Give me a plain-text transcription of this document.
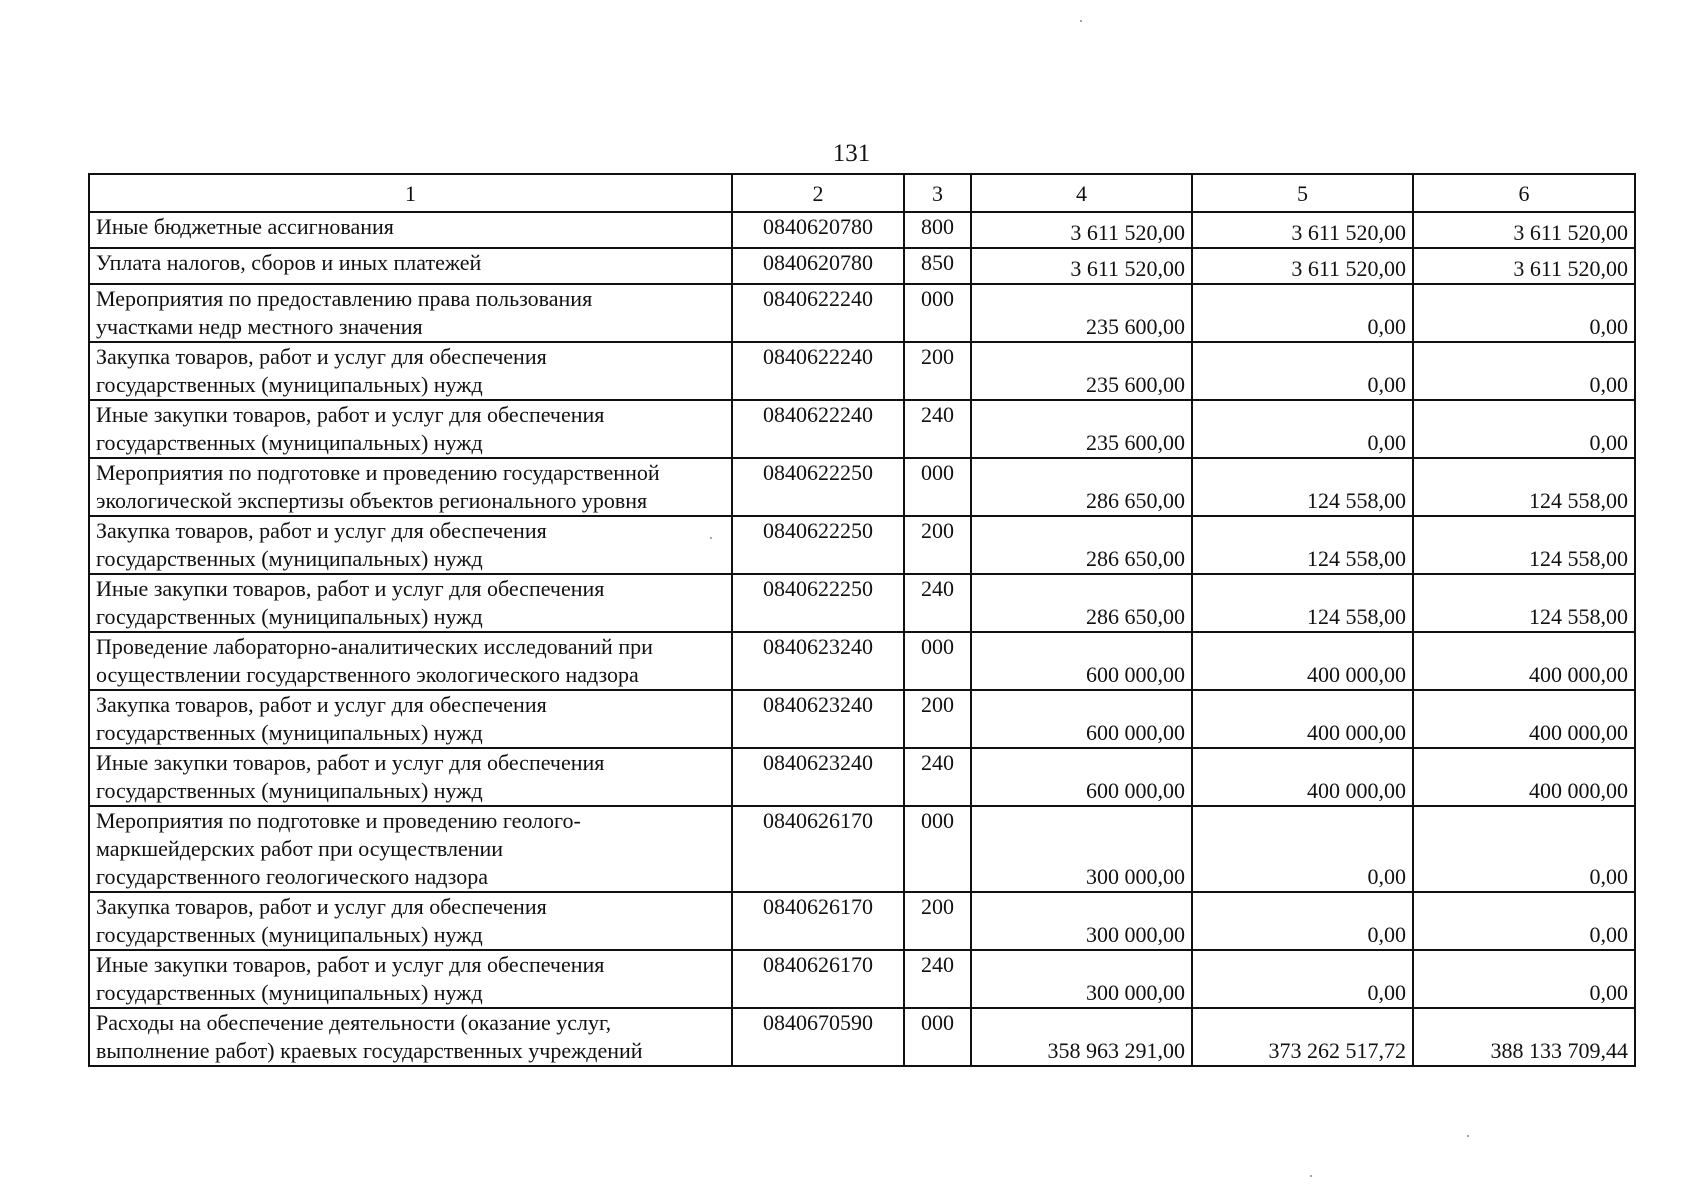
131
1	2	3	4	5	6

Иные бюджетные ассигнования	0840620780	800	3 611 520,00	3 611 520,00	3 611 520,00

Уплата налогов, сборов и иных платежей	0840620780	850	3 611 520,00	3 611 520,00	3 611 520,00

Мероприятия по предоставлению права пользования
участками недр местного значения	0840622240	000	235 600,00	0,00	0,00

Закупка товаров, работ и услуг для обеспечения
государственных (муниципальных) нужд	0840622240	200	235 600,00	0,00	0,00

Иные закупки товаров, работ и услуг для обеспечения
государственных (муниципальных) нужд	0840622240	240	235 600,00	0,00	0,00

Мероприятия по подготовке и проведению государственной
экологической экспертизы объектов регионального уровня	0840622250	000	286 650,00	124 558,00	124 558,00

Закупка товаров, работ и услуг для обеспечения
государственных (муниципальных) нужд	0840622250	200	286 650,00	124 558,00	124 558,00

Иные закупки товаров, работ и услуг для обеспечения
государственных (муниципальных) нужд	0840622250	240	286 650,00	124 558,00	124 558,00

Проведение лабораторно-аналитических исследований при
осуществлении государственного экологического надзора	0840623240	000	600 000,00	400 000,00	400 000,00

Закупка товаров, работ и услуг для обеспечения
государственных (муниципальных) нужд	0840623240	200	600 000,00	400 000,00	400 000,00

Иные закупки товаров, работ и услуг для обеспечения
государственных (муниципальных) нужд	0840623240	240	600 000,00	400 000,00	400 000,00

Мероприятия по подготовке и проведению геолого-
маркшейдерских работ при осуществлении
государственного геологического надзора	0840626170	000	300 000,00	0,00	0,00

Закупка товаров, работ и услуг для обеспечения
государственных (муниципальных) нужд	0840626170	200	300 000,00	0,00	0,00

Иные закупки товаров, работ и услуг для обеспечения
государственных (муниципальных) нужд	0840626170	240	300 000,00	0,00	0,00

Расходы на обеспечение деятельности (оказание услуг,
выполнение работ) краевых государственных учреждений	0840670590	000	358 963 291,00	373 262 517,72	388 133 709,44
